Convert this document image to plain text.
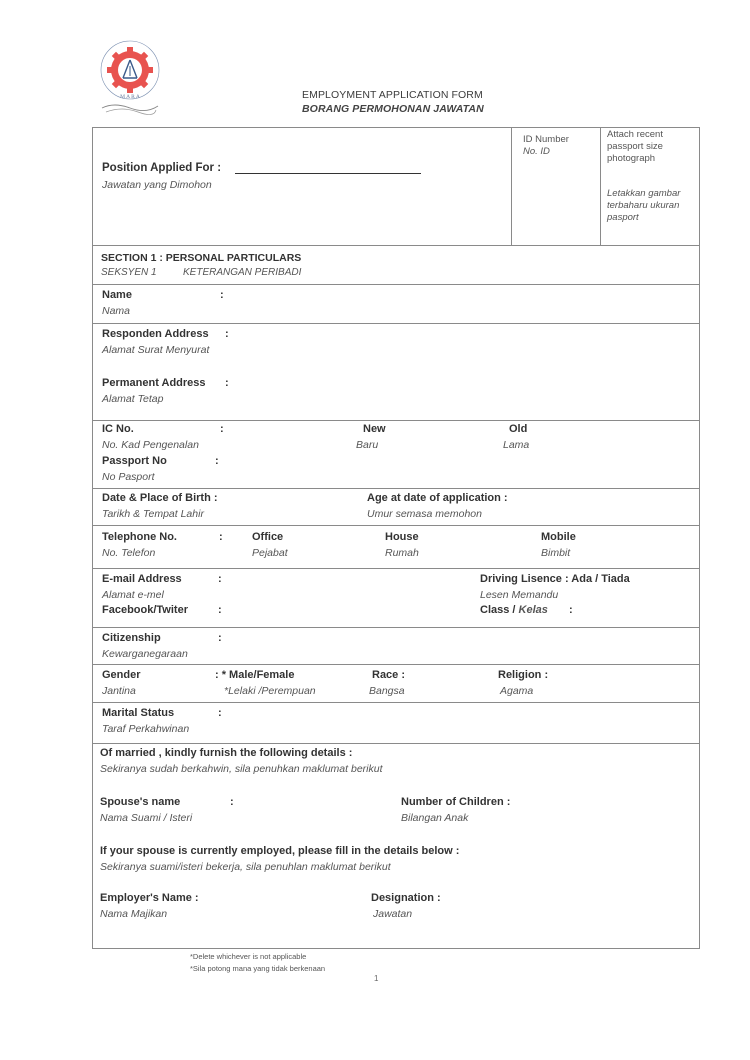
M A R A	EMPLOYMENT APPLICATION FORM
BORANG PERMOHONAN JAWATAN
Position Applied For :
Jawatan yang Dimohon
ID Number
No. ID
Attach recent
passport size
photograph
Letakkan gambar
terbaharu ukuran
pasport
SECTION 1 : PERSONAL PARTICULARS
SEKSYEN 1	KETERANGAN PERIBADI
Name	:
Nama
Responden Address :
Alamat Surat Menyurat
Permanent Address :
Alamat Tetap
IC No.	:
No. Kad Pengenalan
New
Baru
Old
Lama
Passport No	:
No Pasport
Date & Place of Birth :
Tarikh & Tempat Lahir
Age at date of application :
Umur semasa memohon
Telephone No.	:
No. Telefon
Office
Pejabat
House
Rumah
Mobile
Bimbit
E-mail Address	:
Alamat e-mel
Facebook/Twiter	:
Driving Lisence : Ada / Tiada
Lesen Memandu
Class / Kelas :
Citizenship	:
Kewarganegaraan
Gender	: * Male/Female
Jantina	*Lelaki /Perempuan
Race :
Bangsa
Religion :
Agama
Marital Status	:
Taraf Perkahwinan
Of married , kindly furnish the following details :
Sekiranya sudah berkahwin, sila penuhkan maklumat berikut
Spouse's name	:
Nama Suami / Isteri
Number of Children :
Bilangan Anak
If your spouse is currently employed, please fill in the details below :
Sekiranya suami/isteri bekerja, sila penuhlan maklumat berikut
Employer's Name :
Nama Majikan
Designation :
Jawatan
*Delete whichever is not applicable
*Sila potong mana yang tidak berkenaan
1
